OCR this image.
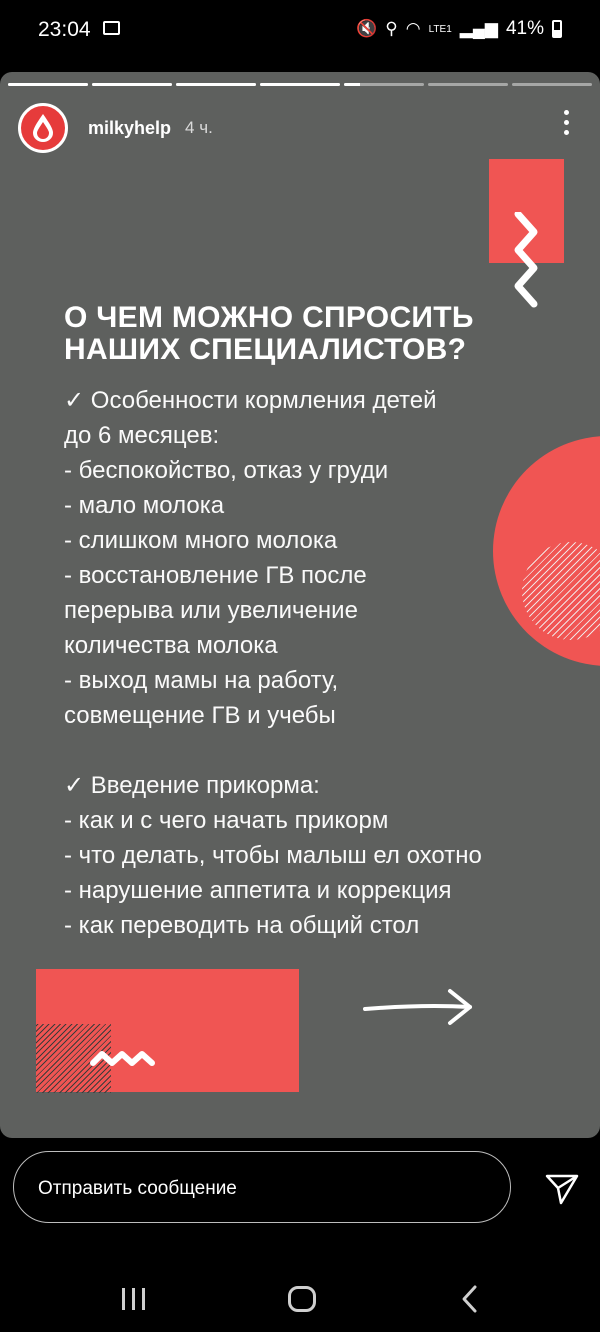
23:04	🔇 ⚲ ◠ LTE1 ▂▄▆ 41%
milkyhelp 4 ч.
О ЧЕМ МОЖНО СПРОСИТЬ
НАШИХ СПЕЦИАЛИСТОВ?
✓ Особенности кормления детей
до 6 месяцев:
- беспокойство, отказ у груди
- мало молока
- слишком много молока
- восстановление ГВ после
перерыва или увеличение
количества молока
- выход мамы на работу,
совмещение ГВ и учебы
✓ Введение прикорма:
- как и с чего начать прикорм
- что делать, чтобы малыш ел охотно
- нарушение аппетита и коррекция
- как переводить на общий стол
Отправить сообщение
